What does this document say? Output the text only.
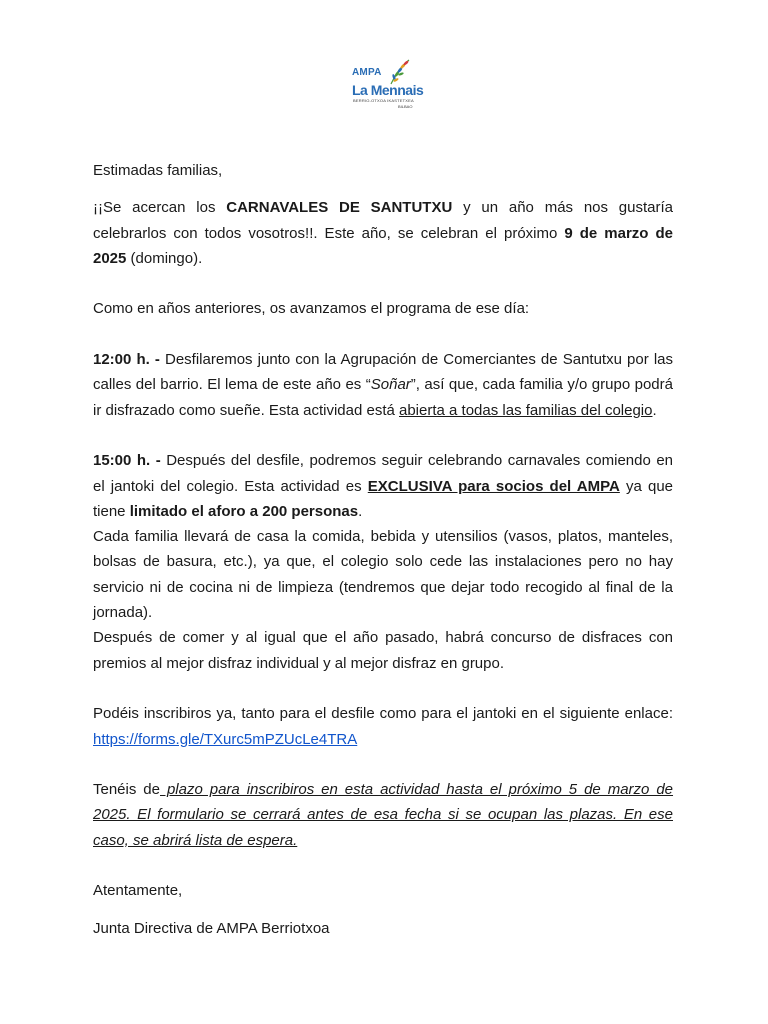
AMPA
La Mennais
BERRIO-OTXOA IKASTETXEA
BILBAO

Estimadas familias,

¡¡Se acercan los CARNAVALES DE SANTUTXU y un año más nos gustaría celebrarlos con todos vosotros!!. Este año, se celebran el próximo 9 de marzo de 2025 (domingo).

Como en años anteriores, os avanzamos el programa de ese día:

12:00 h. - Desfilaremos junto con la Agrupación de Comerciantes de Santutxu por las calles del barrio. El lema de este año es “Soñar”, así que, cada familia y/o grupo podrá ir disfrazado como sueñe. Esta actividad está abierta a todas las familias del colegio.

15:00 h. - Después del desfile, podremos seguir celebrando carnavales comiendo en el jantoki del colegio. Esta actividad es EXCLUSIVA para socios del AMPA ya que tiene limitado el aforo a 200 personas.

Cada familia llevará de casa la comida, bebida y utensilios (vasos, platos, manteles, bolsas de basura, etc.), ya que, el colegio solo cede las instalaciones pero no hay servicio ni de cocina ni de limpieza (tendremos que dejar todo recogido al final de la jornada).

Después de comer y al igual que el año pasado, habrá concurso de disfraces con premios al mejor disfraz individual y al mejor disfraz en grupo.

Podéis inscribiros ya, tanto para el desfile como para el jantoki en el siguiente enlace: https://forms.gle/TXurc5mPZUcLe4TRA

Tenéis de plazo para inscribiros en esta actividad hasta el próximo 5 de marzo de 2025. El formulario se cerrará antes de esa fecha si se ocupan las plazas. En ese caso, se abrirá lista de espera.

Atentamente,

Junta Directiva de AMPA Berriotxoa
